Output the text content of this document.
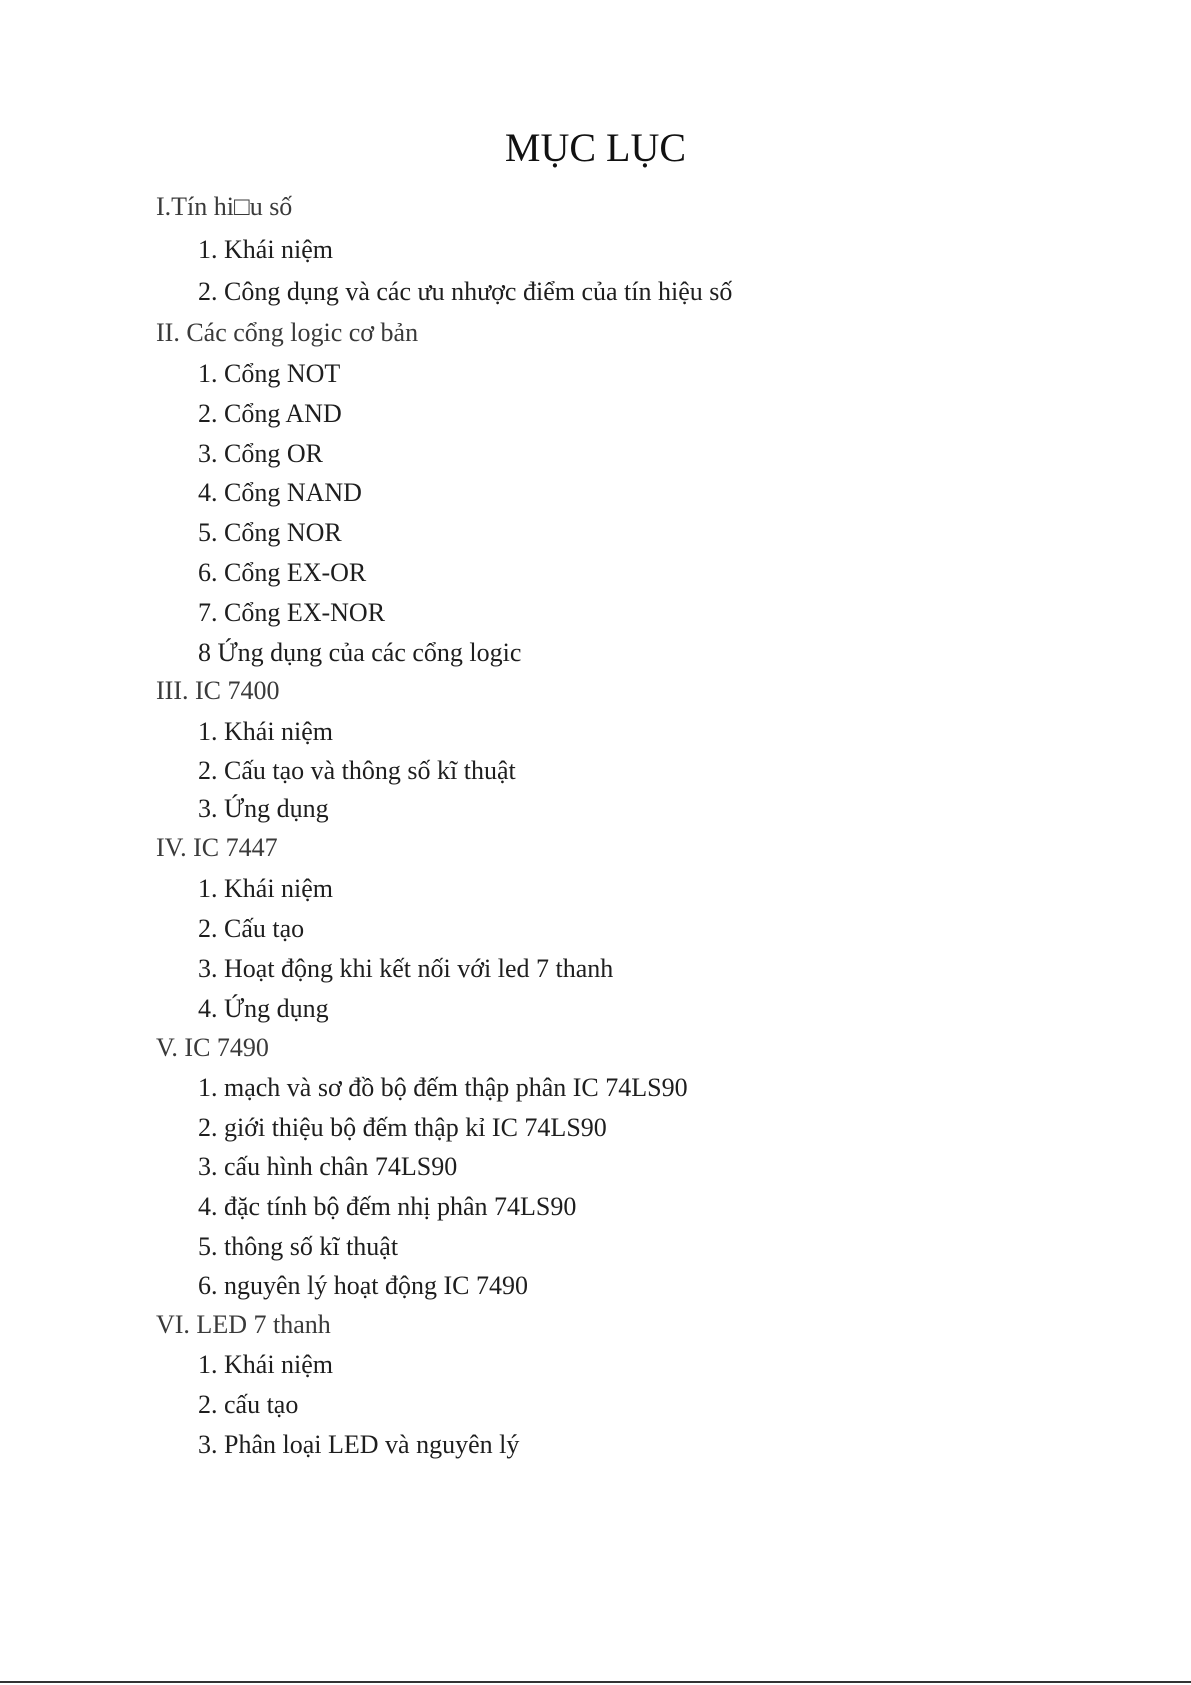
MỤC LỤC
I.Tín hi□u số
1. Khái niệm
2. Công dụng và các ưu nhược điểm của tín hiệu số
II. Các cổng logic cơ bản
1. Cổng NOT
2. Cổng AND
3. Cổng OR
4. Cổng NAND
5. Cổng NOR
6. Cổng EX-OR
7. Cổng EX-NOR
8 Ứng dụng của các cổng logic
III. IC 7400
1. Khái niệm
2. Cấu tạo và thông số kĩ thuật
3. Ứng dụng
IV. IC 7447
1. Khái niệm
2. Cấu tạo
3. Hoạt động khi kết nối với led 7 thanh
4. Ứng dụng
V. IC 7490
1. mạch và sơ đồ bộ đếm thập phân IC 74LS90
2. giới thiệu bộ đếm thập kỉ IC 74LS90
3. cấu hình chân 74LS90
4. đặc tính bộ đếm nhị phân 74LS90
5. thông số kĩ thuật
6. nguyên lý hoạt động IC 7490
VI. LED 7 thanh
1. Khái niệm
2. cấu tạo
3. Phân loại LED và nguyên lý
